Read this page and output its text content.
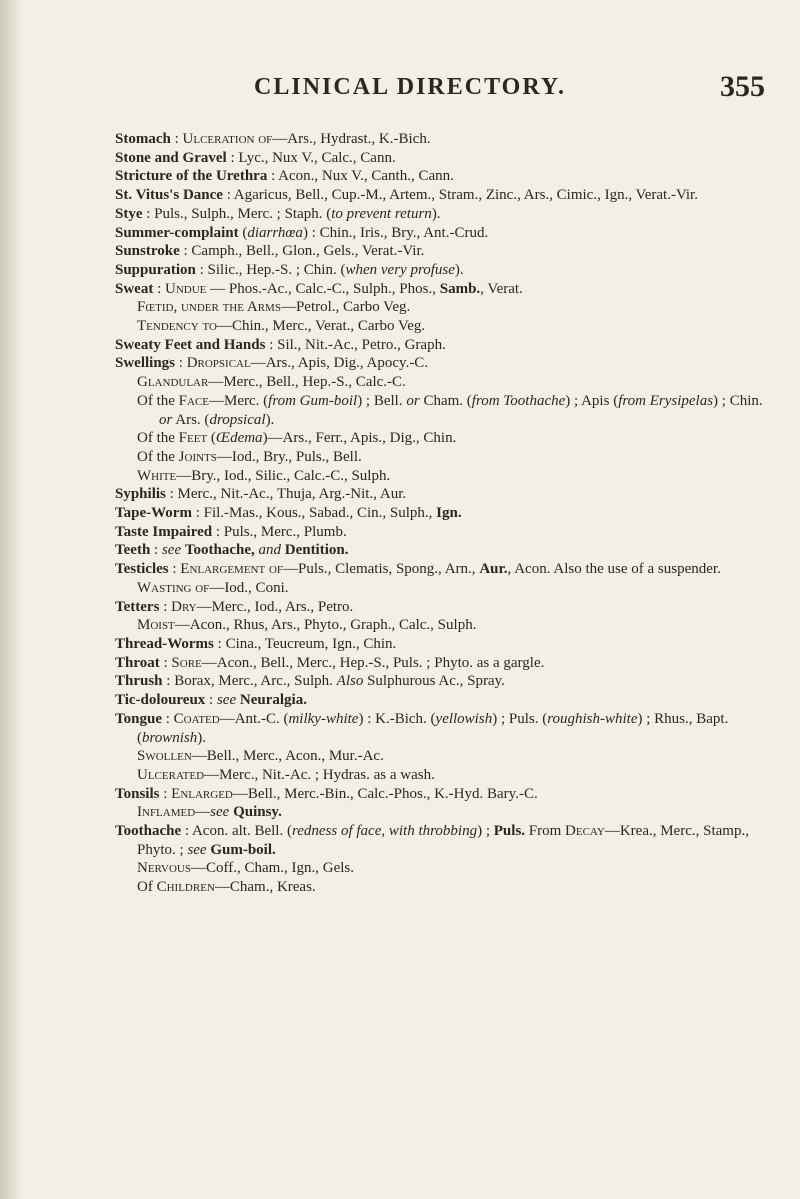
CLINICAL DIRECTORY.	355

Stomach : Ulceration of—Ars., Hydrast., K.-Bich.

Stone and Gravel : Lyc., Nux V., Calc., Cann.

Stricture of the Urethra : Acon., Nux V., Canth., Cann.

St. Vitus's Dance : Agaricus, Bell., Cup.-M., Artem., Stram., Zinc., Ars., Cimic., Ign., Verat.-Vir.

Stye : Puls., Sulph., Merc. ; Staph. (to prevent return).

Summer-complaint (diarrhœa) : Chin., Iris., Bry., Ant.-Crud.

Sunstroke : Camph., Bell., Glon., Gels., Verat.-Vir.

Suppuration : Silic., Hep.-S. ; Chin. (when very profuse).

Sweat : Undue — Phos.-Ac., Calc.-C., Sulph., Phos., Samb., Verat.

Fœtid, under the Arms—Petrol., Carbo Veg.

Tendency to—Chin., Merc., Verat., Carbo Veg.

Sweaty Feet and Hands : Sil., Nit.-Ac., Petro., Graph.

Swellings : Dropsical—Ars., Apis, Dig., Apocy.-C.

Glandular—Merc., Bell., Hep.-S., Calc.-C.

Of the Face—Merc. (from Gum-boil) ; Bell. or Cham. (from Toothache) ; Apis (from Erysipelas) ; Chin. or Ars. (dropsical).

Of the Feet (Œdema)—Ars., Ferr., Apis., Dig., Chin.

Of the Joints—Iod., Bry., Puls., Bell.

White—Bry., Iod., Silic., Calc.-C., Sulph.

Syphilis : Merc., Nit.-Ac., Thuja, Arg.-Nit., Aur.

Tape-Worm : Fil.-Mas., Kous., Sabad., Cin., Sulph., Ign.

Taste Impaired : Puls., Merc., Plumb.

Teeth : see Toothache, and Dentition.

Testicles : Enlargement of—Puls., Clematis, Spong., Arn., Aur., Acon. Also the use of a suspender.

Wasting of—Iod., Coni.

Tetters : Dry—Merc., Iod., Ars., Petro.

Moist—Acon., Rhus, Ars., Phyto., Graph., Calc., Sulph.

Thread-Worms : Cina., Teucreum, Ign., Chin.

Throat : Sore—Acon., Bell., Merc., Hep.-S., Puls. ; Phyto. as a gargle.

Thrush : Borax, Merc., Arc., Sulph. Also Sulphurous Ac., Spray.

Tic-doloureux : see Neuralgia.

Tongue : Coated—Ant.-C. (milky-white) : K.-Bich. (yellowish) ; Puls. (roughish-white) ; Rhus., Bapt. (brownish).

Swollen—Bell., Merc., Acon., Mur.-Ac.

Ulcerated—Merc., Nit.-Ac. ; Hydras. as a wash.

Tonsils : Enlarged—Bell., Merc.-Bin., Calc.-Phos., K.-Hyd. Bary.-C.

Inflamed—see Quinsy.

Toothache : Acon. alt. Bell. (redness of face, with throbbing) ; Puls. From Decay—Krea., Merc., Stamp., Phyto. ; see Gum-boil.

Nervous—Coff., Cham., Ign., Gels.

Of Children—Cham., Kreas.
